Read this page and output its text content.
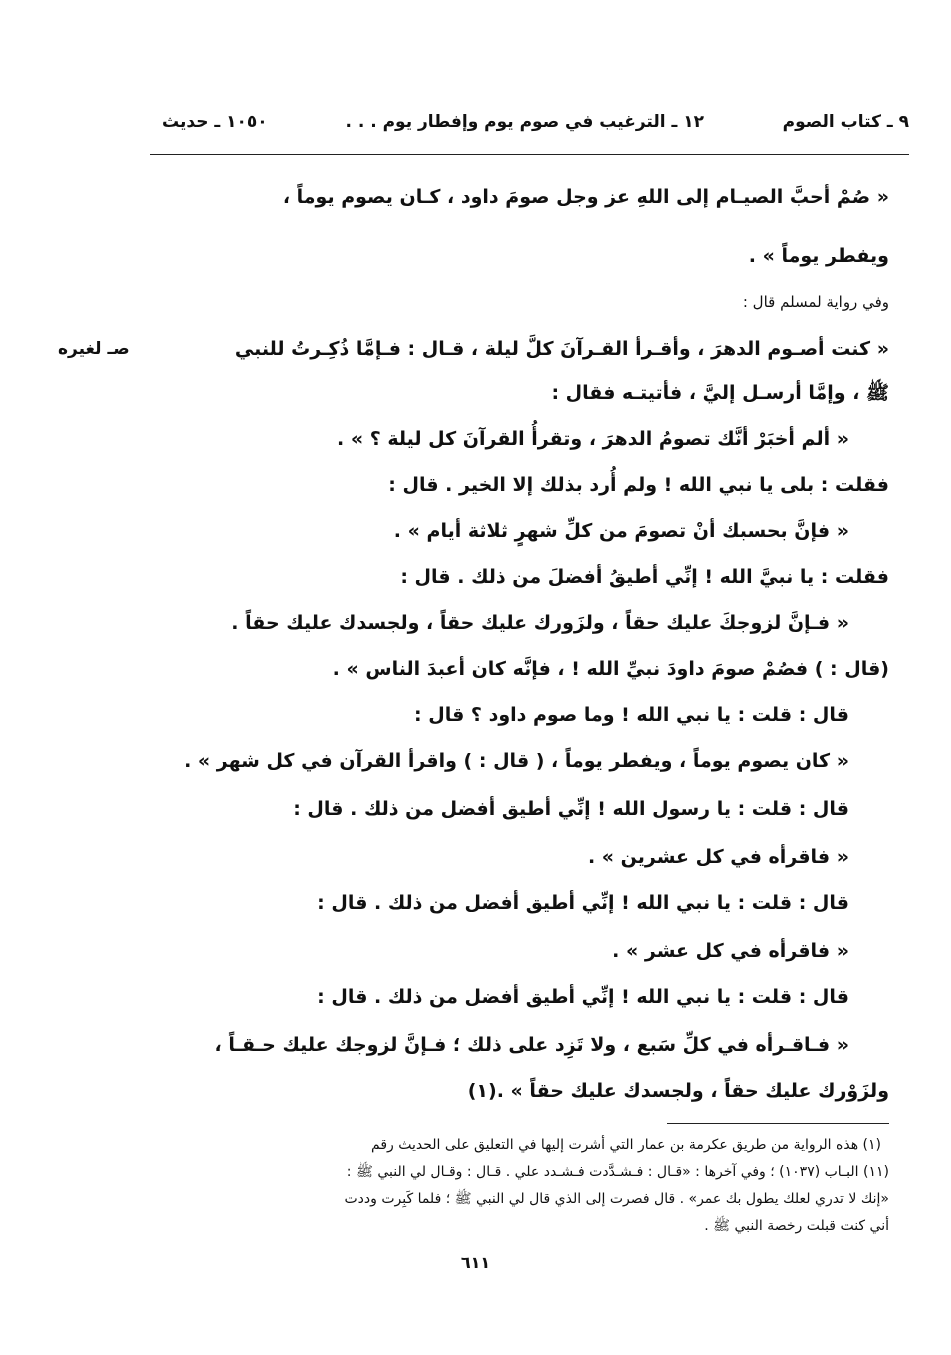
٩ ـ كتاب الصوم
١٢ ـ الترغيب في صوم يوم وإفطار يوم . . .
١٠٥٠ ـ حديث
« صُمْ أحبَّ الصيـام إلى اللهِ عز وجل صومَ داود ، كـان يصوم يوماً ،
ويفطر يوماً » .
وفي رواية لمسلم قال :
« كنت أصـوم الدهرَ ، وأقـرأ القـرآنَ كلَّ ليلة ، قـال : فـإمَّا ذُكِـرتُ للنبي
ﷺ ، وإمَّا أرسـل إليَّ ، فأتيتـه فقال :
« ألم أخبَرْ أنَّك تصومُ الدهرَ ، وتقرأُ القرآنَ كل ليلة ؟ » .
فقلت : بلى يا نبي الله ! ولم أُرد بذلك إلا الخير . قال :
« فإنَّ بحسبك أنْ تصومَ من كلِّ شهرٍ ثلاثة أيام » .
فقلت : يا نبيَّ الله ! إنِّي أطيقُ أفضلَ من ذلك . قال :
« فـإنَّ لزوجكَ عليك حقاً ، ولزَورك عليك حقاً ، ولجسدك عليك حقاً .
(قال : ) فصُمْ صومَ داودَ نبيِّ الله ! ، فإنَّه كان أعبدَ الناس » .
قال : قلت : يا نبي الله ! وما صوم داود ؟ قال :
« كان يصوم يوماً ، ويفطر يوماً ، ( قال : ) واقرأ القرآن في كل شهر » .
قال : قلت : يا رسول الله ! إنِّي أطيق أفضل من ذلك . قال :
« فاقرأه في كل عشرين » .
قال : قلت : يا نبي الله ! إنِّي أطيق أفضل من ذلك . قال :
« فاقرأه في كل عشر » .
قال : قلت : يا نبي الله ! إنِّي أطيق أفضل من ذلك . قال :
« فـاقـرأه في كلِّ سَبع ، ولا تَزِد على ذلك ؛ فـإنَّ لزوجك عليك حـقـاً ،
ولزَوْرك عليك حقاً ، ولجسدك عليك حقاً » .(١)
صـ لغيره
(١) هذه الرواية من طريق عكرمة بن عمار التي أشرت إليها في التعليق على الحديث رقم
(١١) البـاب (١٠٣٧) ؛ وفي آخرها : «قـال : فـشـدَّدت فـشـدد علي . قـال : وقـال لي النبي ﷺ :
«إنك لا تدري لعلك يطول بك عمر» . قال فصرت إلى الذي قال لي النبي ﷺ ؛ فلما كَبِرت وددت
أني كنت قبلت رخصة النبي ﷺ .
٦١١
